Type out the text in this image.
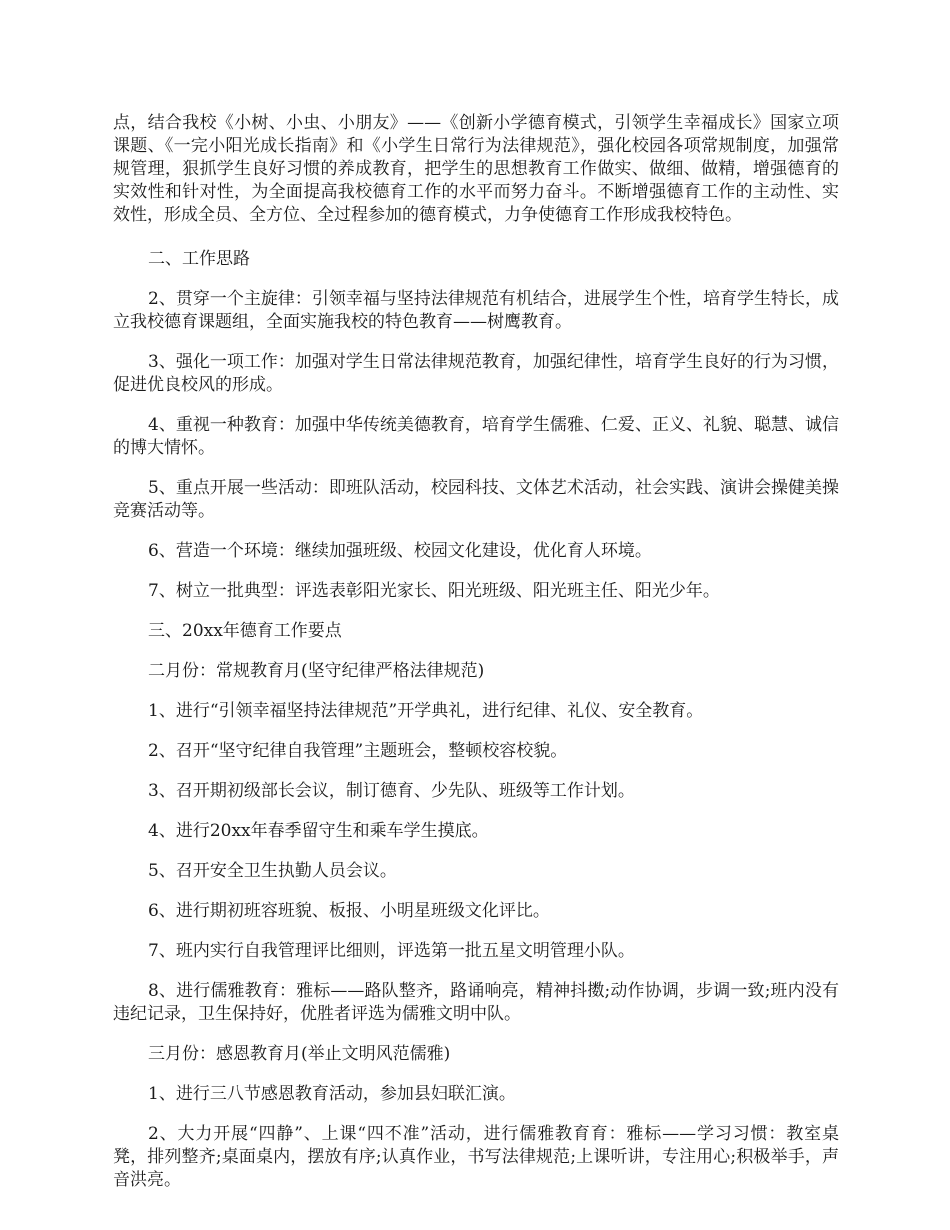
点，结合我校《小树、小虫、小朋友》——《创新小学德育模式，引领学生幸福成长》国家立项课题、《一完小阳光成长指南》和《小学生日常行为法律规范》，强化校园各项常规制度，加强常规管理，狠抓学生良好习惯的养成教育，把学生的思想教育工作做实、做细、做精，增强德育的实效性和针对性，为全面提高我校德育工作的水平而努力奋斗。不断增强德育工作的主动性、实效性，形成全员、全方位、全过程参加的德育模式，力争使德育工作形成我校特色。

二、工作思路

2、贯穿一个主旋律：引领幸福与坚持法律规范有机结合，进展学生个性，培育学生特长，成立我校德育课题组，全面实施我校的特色教育——树鹰教育。

3、强化一项工作：加强对学生日常法律规范教育，加强纪律性，培育学生良好的行为习惯，促进优良校风的形成。

4、重视一种教育：加强中华传统美德教育，培育学生儒雅、仁爱、正义、礼貌、聪慧、诚信的博大情怀。

5、重点开展一些活动：即班队活动，校园科技、文体艺术活动，社会实践、演讲会操健美操竞赛活动等。

6、营造一个环境：继续加强班级、校园文化建设，优化育人环境。

7、树立一批典型：评选表彰阳光家长、阳光班级、阳光班主任、阳光少年。

三、20xx年德育工作要点

二月份：常规教育月(坚守纪律严格法律规范)

1、进行“引领幸福坚持法律规范”开学典礼，进行纪律、礼仪、安全教育。

2、召开“坚守纪律自我管理”主题班会，整顿校容校貌。

3、召开期初级部长会议，制订德育、少先队、班级等工作计划。

4、进行20xx年春季留守生和乘车学生摸底。

5、召开安全卫生执勤人员会议。

6、进行期初班容班貌、板报、小明星班级文化评比。

7、班内实行自我管理评比细则，评选第一批五星文明管理小队。

8、进行儒雅教育：雅标——路队整齐，路诵响亮，精神抖擞;动作协调，步调一致;班内没有违纪记录，卫生保持好，优胜者评选为儒雅文明中队。

三月份：感恩教育月(举止文明风范儒雅)

1、进行三八节感恩教育活动，参加县妇联汇演。

2、大力开展“四静”、上课“四不准”活动，进行儒雅教育育：雅标——学习习惯：教室桌凳，排列整齐;桌面桌内，摆放有序;认真作业，书写法律规范;上课听讲，专注用心;积极举手，声音洪亮。
